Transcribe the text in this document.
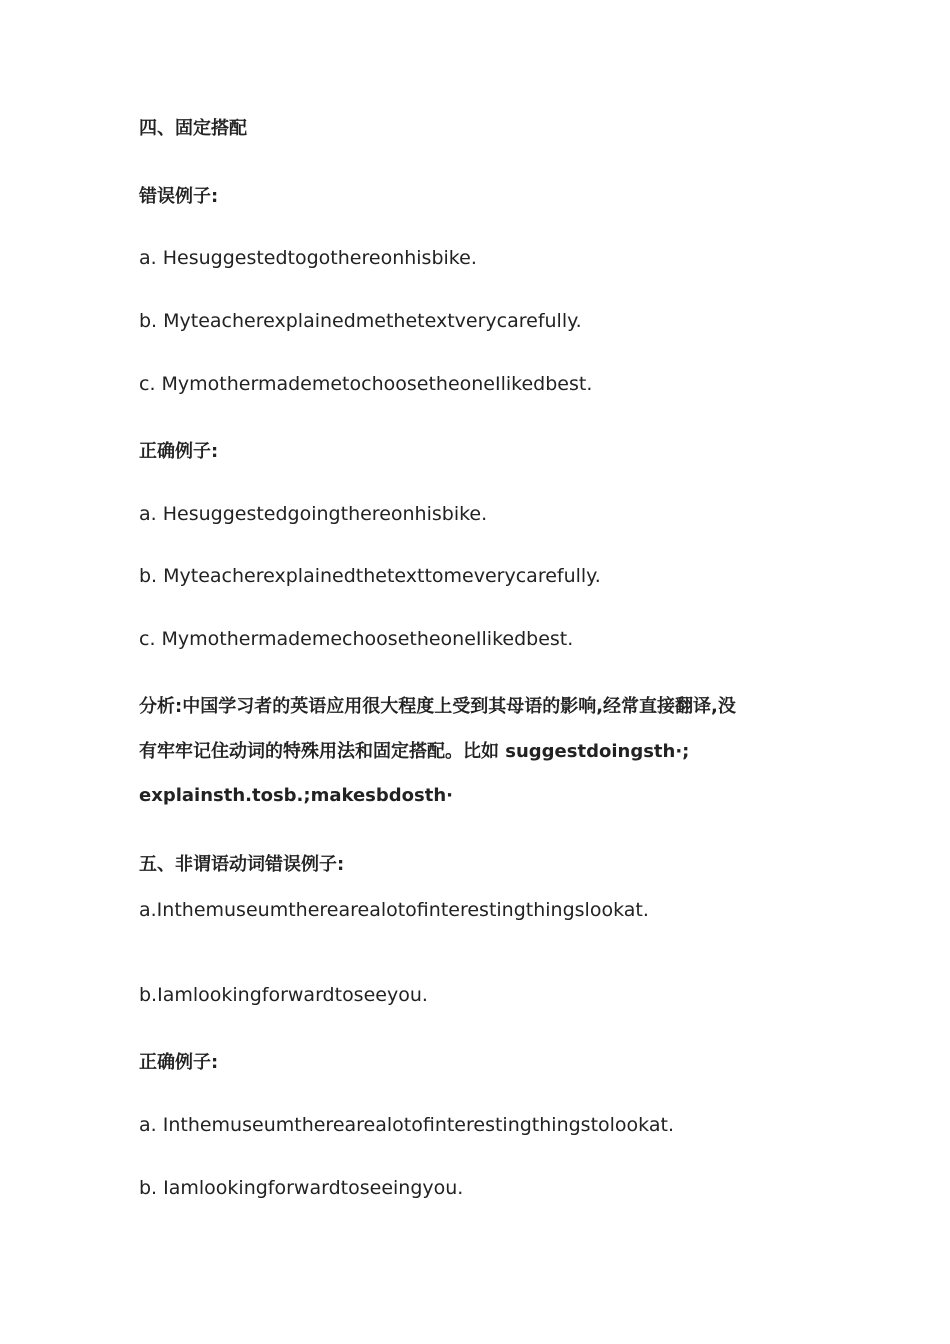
四、固定搭配
错误例子:
a. Hesuggestedtogothereonhisbike.
b. Myteacherexplainedmethetextverycarefully.
c. MymothermademetochoosetheoneIlikedbest.
正确例子:
a. Hesuggestedgoingthereonhisbike.
b. Myteacherexplainedthetexttomeverycarefully.
c. MymothermademechoosetheoneIlikedbest.
分析:中国学习者的英语应用很大程度上受到其母语的影响,经常直接翻译,没
有牢牢记住动词的特殊用法和固定搭配。比如 suggestdoingsth·;
explainsth.tosb.;makesbdosth·
五、非谓语动词错误例子:
a.Inthemuseumtherearealotofinterestingthingslookat.
b.Iamlookingforwardtoseeyou.
正确例子:
a. Inthemuseumtherearealotofinterestingthingstolookat.
b. Iamlookingforwardtoseeingyou.
